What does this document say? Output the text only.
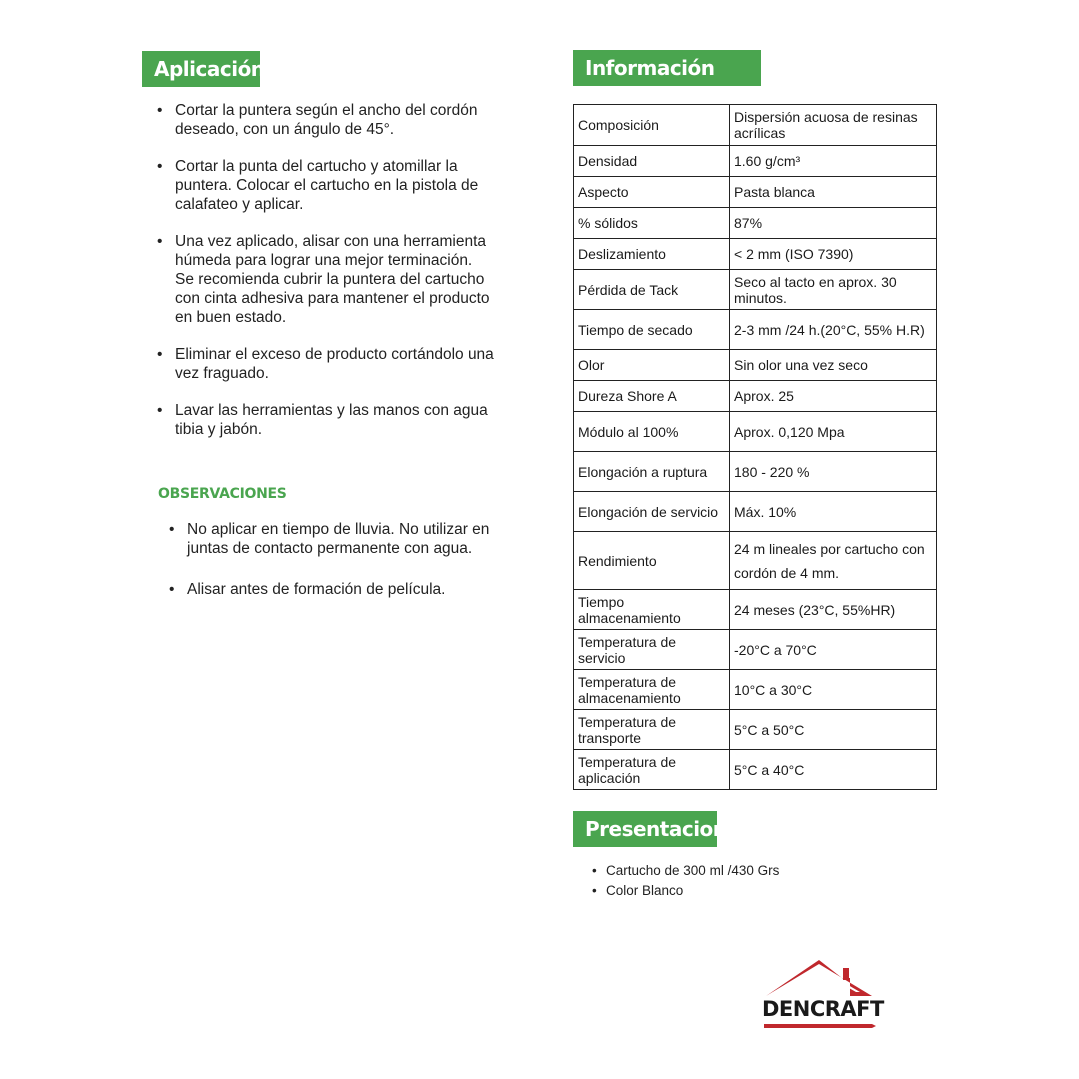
Aplicación
• Cortar la puntera según el ancho del cordón deseado, con un ángulo de 45°.
• Cortar la punta del cartucho y atomillar la puntera. Colocar el cartucho en la pistola de calafateo y aplicar.
• Una vez aplicado, alisar con una herramienta húmeda para lograr una mejor terminación. Se recomienda cubrir la puntera del cartucho con cinta adhesiva para mantener el producto en buen estado.
• Eliminar el exceso de producto cortándolo una vez fraguado.
• Lavar las herramientas y las manos con agua tibia y jabón.
OBSERVACIONES
• No aplicar en tiempo de lluvia. No utilizar en juntas de contacto permanente con agua.
• Alisar antes de formación de película.
Información Técnica
Composición	Dispersión acuosa de resinas acrílicas
Densidad	1.60 g/cm³
Aspecto	Pasta blanca
% sólidos	87%
Deslizamiento	< 2 mm (ISO 7390)
Pérdida de Tack	Seco al tacto en aprox. 30 minutos.
Tiempo de secado	2-3 mm /24 h.(20°C, 55% H.R)
Olor	Sin olor una vez seco
Dureza Shore A	Aprox. 25
Módulo al 100%	Aprox. 0,120 Mpa
Elongación a ruptura	180 - 220 %
Elongación de servicio	Máx. 10%
Rendimiento	24 m lineales por cartucho con cordón de 4 mm.
Tiempo almacenamiento	24 meses (23°C, 55%HR)
Temperatura de servicio	-20°C a 70°C
Temperatura de almacenamiento	10°C a 30°C
Temperatura de transporte	5°C a 50°C
Temperatura de aplicación	5°C a 40°C
Presentaciones
• Cartucho de 300 ml /430 Grs
• Color Blanco
DENCRAFT
